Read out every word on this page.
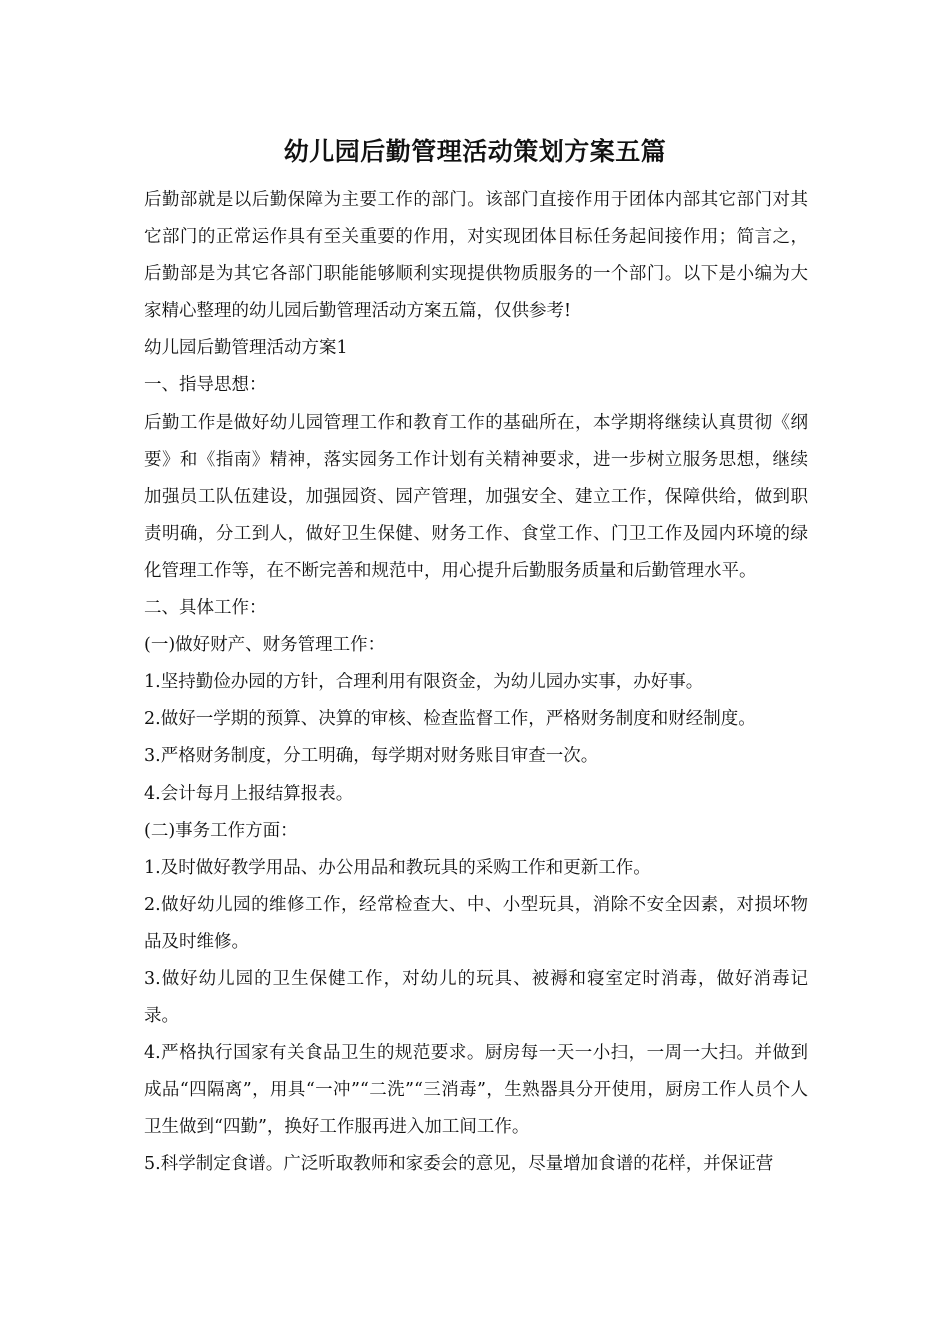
幼儿园后勤管理活动策划方案五篇

后勤部就是以后勤保障为主要工作的部门。该部门直接作用于团体内部其它部门对其它部门的正常运作具有至关重要的作用，对实现团体目标任务起间接作用；简言之，后勤部是为其它各部门职能能够顺利实现提供物质服务的一个部门。以下是小编为大家精心整理的幼儿园后勤管理活动方案五篇，仅供参考!

幼儿园后勤管理活动方案1

一、指导思想：

后勤工作是做好幼儿园管理工作和教育工作的基础所在，本学期将继续认真贯彻《纲要》和《指南》精神，落实园务工作计划有关精神要求，进一步树立服务思想，继续加强员工队伍建设，加强园资、园产管理，加强安全、建立工作，保障供给，做到职责明确，分工到人，做好卫生保健、财务工作、食堂工作、门卫工作及园内环境的绿化管理工作等，在不断完善和规范中，用心提升后勤服务质量和后勤管理水平。

二、具体工作：

(一)做好财产、财务管理工作：

1.坚持勤俭办园的方针，合理利用有限资金，为幼儿园办实事，办好事。

2.做好一学期的预算、决算的审核、检查监督工作，严格财务制度和财经制度。

3.严格财务制度，分工明确，每学期对财务账目审查一次。

4.会计每月上报结算报表。

(二)事务工作方面：

1.及时做好教学用品、办公用品和教玩具的采购工作和更新工作。

2.做好幼儿园的维修工作，经常检查大、中、小型玩具，消除不安全因素，对损坏物品及时维修。

3.做好幼儿园的卫生保健工作，对幼儿的玩具、被褥和寝室定时消毒，做好消毒记录。

4.严格执行国家有关食品卫生的规范要求。厨房每一天一小扫，一周一大扫。并做到成品“四隔离”，用具“一冲”“二洗”“三消毒”，生熟器具分开使用，厨房工作人员个人卫生做到“四勤”，换好工作服再进入加工间工作。

5.科学制定食谱。广泛听取教师和家委会的意见，尽量增加食谱的花样，并保证营
